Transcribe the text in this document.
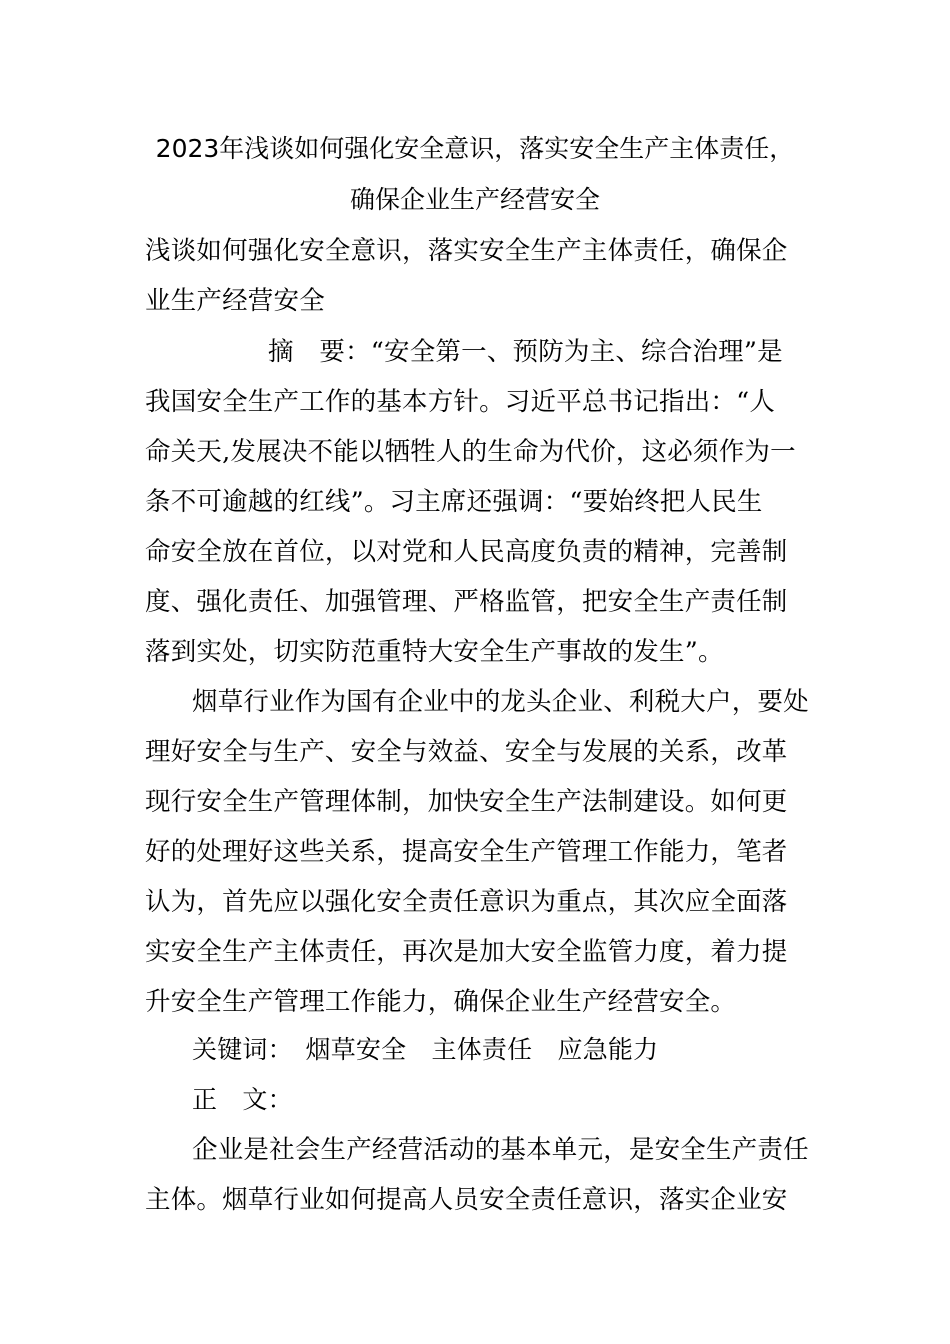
2023年浅谈如何强化安全意识，落实安全生产主体责任，
确保企业生产经营安全
浅谈如何强化安全意识，落实安全生产主体责任，确保企
业生产经营安全
摘　要：“安全第一、预防为主、综合治理”是
我国安全生产工作的基本方针。习近平总书记指出：“人
命关天,发展决不能以牺牲人的生命为代价，这必须作为一
条不可逾越的红线”。习主席还强调：“要始终把人民生
命安全放在首位，以对党和人民高度负责的精神，完善制
度、强化责任、加强管理、严格监管，把安全生产责任制
落到实处，切实防范重特大安全生产事故的发生”。
烟草行业作为国有企业中的龙头企业、利税大户，要处
理好安全与生产、安全与效益、安全与发展的关系，改革
现行安全生产管理体制，加快安全生产法制建设。如何更
好的处理好这些关系，提高安全生产管理工作能力，笔者
认为，首先应以强化安全责任意识为重点，其次应全面落
实安全生产主体责任，再次是加大安全监管力度，着力提
升安全生产管理工作能力，确保企业生产经营安全。
关键词：　烟草安全　主体责任　应急能力
正　文：
企业是社会生产经营活动的基本单元，是安全生产责任
主体。烟草行业如何提高人员安全责任意识，落实企业安
